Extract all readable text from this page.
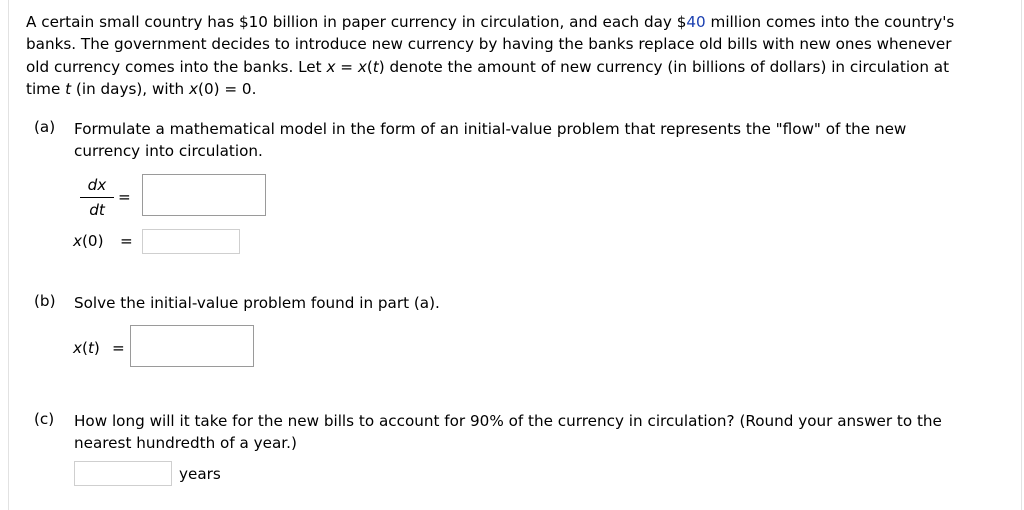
A certain small country has $10 billion in paper currency in circulation, and each day $40 million comes into the country's
banks. The government decides to introduce new currency by having the banks replace old bills with new ones whenever
old currency comes into the banks. Let x = x(t) denote the amount of new currency (in billions of dollars) in circulation at
time t (in days), with x(0) = 0.
(a) Formulate a mathematical model in the form of an initial-value problem that represents the "flow" of the new
currency into circulation.
dx
dt
=
x(0) =
(b) Solve the initial-value problem found in part (a).
x(t) =
(c) How long will it take for the new bills to account for 90% of the currency in circulation? (Round your answer to the
nearest hundredth of a year.)
years
